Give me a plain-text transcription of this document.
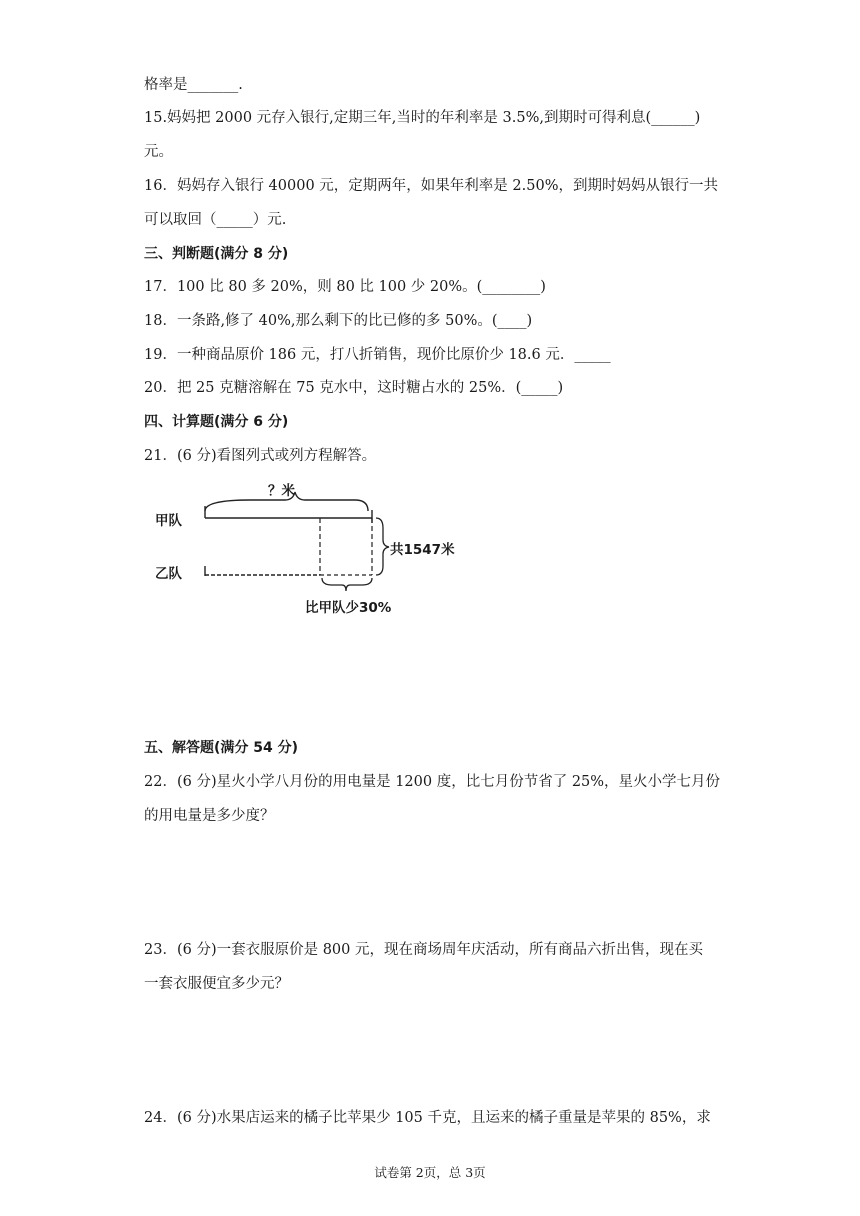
格率是_______.
15.妈妈把 2000 元存入银行,定期三年,当时的年利率是 3.5%,到期时可得利息(______)
元。
16．妈妈存入银行 40000 元，定期两年，如果年利率是 2.50%，到期时妈妈从银行一共
可以取回（_____）元.
三、判断题(满分 8 分)
17．100 比 80 多 20%，则 80 比 100 少 20%。(________)
18．一条路,修了 40%,那么剩下的比已修的多 50%。(____)
19．一种商品原价 186 元，打八折销售，现价比原价少 18.6 元．_____
20．把 25 克糖溶解在 75 克水中，这时糖占水的 25%．(_____)
四、计算题(满分 6 分)
21．(6 分)看图列式或列方程解答。
？米
甲队
乙队
共1547米
比甲队少30%
五、解答题(满分 54 分)
22．(6 分)星火小学八月份的用电量是 1200 度，比七月份节省了 25%，星火小学七月份
的用电量是多少度？
23．(6 分)一套衣服原价是 800 元，现在商场周年庆活动，所有商品六折出售，现在买
一套衣服便宜多少元？
24．(6 分)水果店运来的橘子比苹果少 105 千克，且运来的橘子重量是苹果的 85%，求
试卷第 2页，总 3页
